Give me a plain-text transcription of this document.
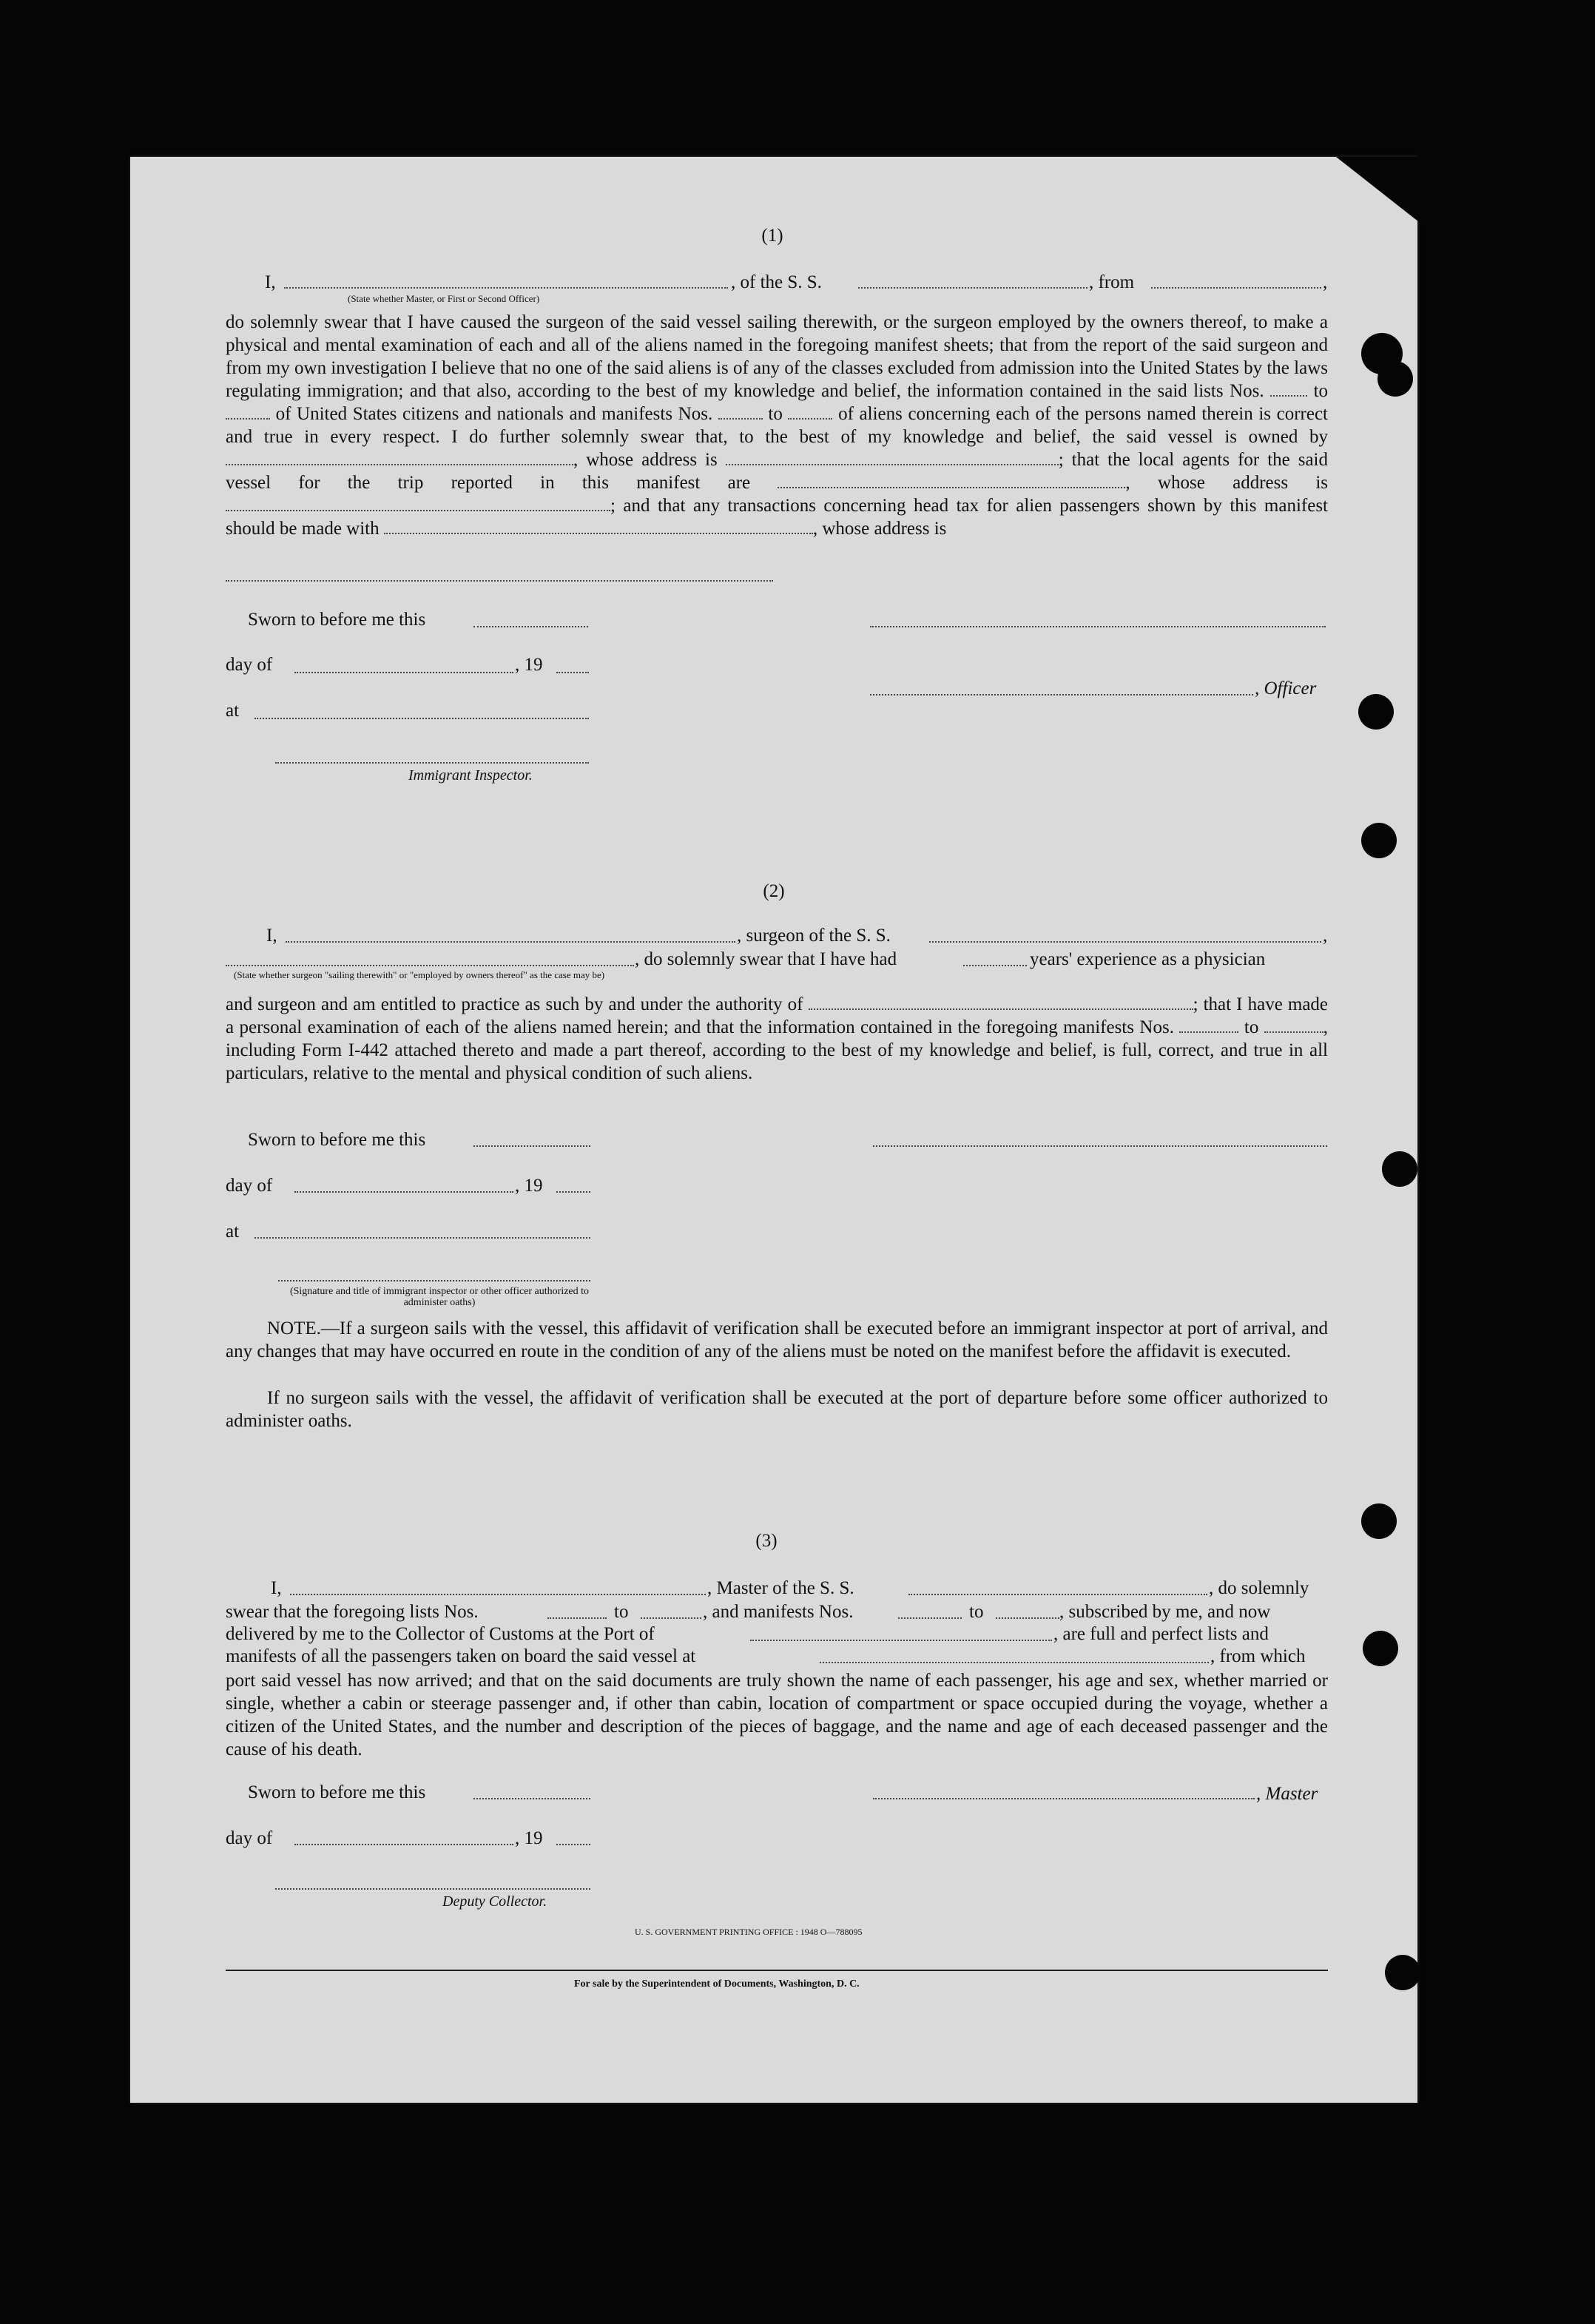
(1)
I,	, of the S. S.	, from	,
(State whether Master, or First or Second Officer)
do solemnly swear that I have caused the surgeon of the said vessel sailing therewith, or the surgeon employed by the owners thereof, to make a physical and mental examination of each and all of the aliens named in the foregoing manifest sheets; that from the report of the said surgeon and from my own investigation I believe that no one of the said aliens is of any of the classes excluded from admission into the United States by the laws regulating immigration; and that also, according to the best of my knowledge and belief, the information contained in the said lists Nos.	to  of United States citizens and nationals and manifests Nos.	to	of aliens concerning each of the persons named therein is correct and true in every respect. I do further solemnly swear that, to the best of my knowledge and belief, the said vessel is owned by , whose address is	; that the local agents for the said vessel for the trip reported in this manifest are	, whose address is ; and that any transactions concerning head tax for alien passengers shown by this manifest should be made with	, whose address is
Sworn to before me this
day of	, 19
, Officer
at
Immigrant Inspector.
(2)
I,	, surgeon of the S. S.	,
, do solemnly swear that I have had	years' experience as a physician
(State whether surgeon "sailing therewith" or "employed by owners thereof" as the case may be)
and surgeon and am entitled to practice as such by and under the authority of	; that I have made a personal examination of each of the aliens named herein; and that the information contained in the foregoing manifests Nos.	to	, including Form I-442 attached thereto and made a part thereof, according to the best of my knowledge and belief, is full, correct, and true in all particulars, relative to the mental and physical condition of such aliens.
Sworn to before me this
day of	, 19
at
(Signature and title of immigrant inspector or other officer authorized to administer oaths)
NOTE.—If a surgeon sails with the vessel, this affidavit of verification shall be executed before an immigrant inspector at port of arrival, and any changes that may have occurred en route in the condition of any of the aliens must be noted on the manifest before the affidavit is executed.
If no surgeon sails with the vessel, the affidavit of verification shall be executed at the port of departure before some officer authorized to administer oaths.
(3)
I,	, Master of the S. S.	, do solemnly
swear that the foregoing lists Nos.	to	, and manifests Nos.	to	, subscribed by me, and now
delivered by me to the Collector of Customs at the Port of	, are full and perfect lists and
manifests of all the passengers taken on board the said vessel at	, from which
port said vessel has now arrived; and that on the said documents are truly shown the name of each passenger, his age and sex, whether married or single, whether a cabin or steerage passenger and, if other than cabin, location of compartment or space occupied during the voyage, whether a citizen of the United States, and the number and description of the pieces of baggage, and the name and age of each deceased passenger and the cause of his death.
Sworn to before me this	, Master
day of	, 19
Deputy Collector.
U. S. GOVERNMENT PRINTING OFFICE : 1948 O—788095
For sale by the Superintendent of Documents, Washington, D. C.
